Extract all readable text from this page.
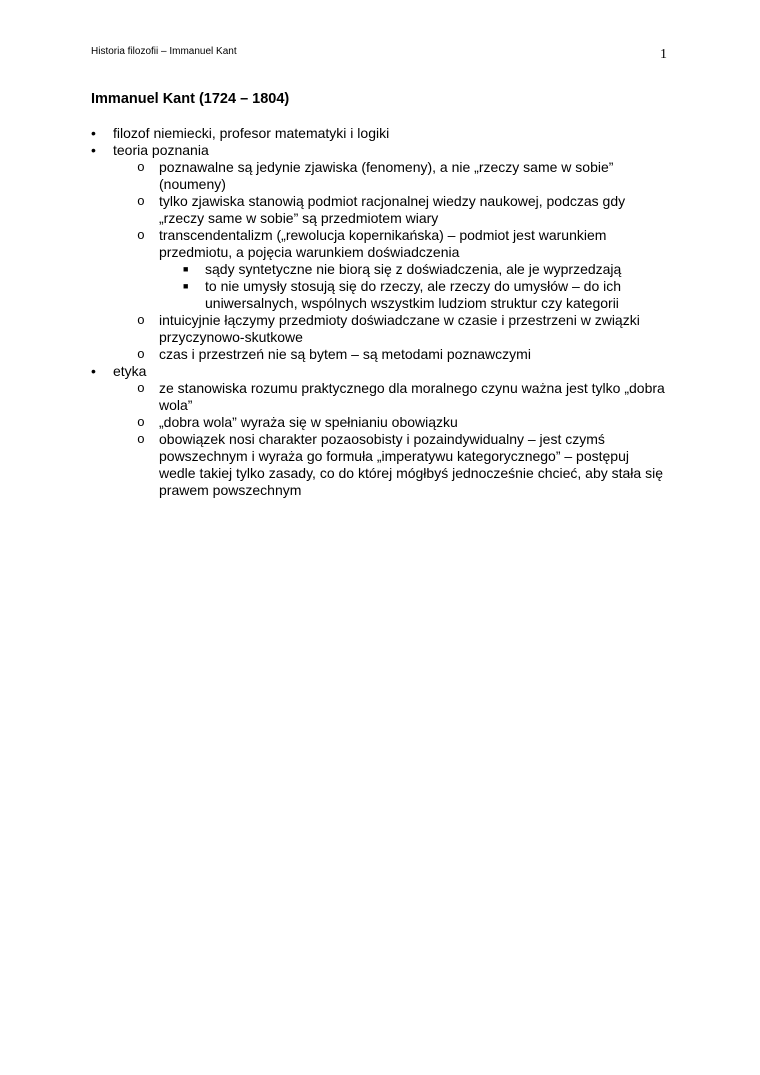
Historia filozofii – Immanuel Kant	1
Immanuel Kant (1724 – 1804)
• filozof niemiecki, profesor matematyki i logiki
• teoria poznania
o poznawalne są jedynie zjawiska (fenomeny), a nie „rzeczy same w sobie”
(noumeny)
o tylko zjawiska stanowią podmiot racjonalnej wiedzy naukowej, podczas gdy
„rzeczy same w sobie” są przedmiotem wiary
o transcendentalizm („rewolucja kopernikańska) – podmiot jest warunkiem
przedmiotu, a pojęcia warunkiem doświadczenia
■ sądy syntetyczne nie biorą się z doświadczenia, ale je wyprzedzają
■ to nie umysły stosują się do rzeczy, ale rzeczy do umysłów – do ich
uniwersalnych, wspólnych wszystkim ludziom struktur czy kategorii
o intuicyjnie łączymy przedmioty doświadczane w czasie i przestrzeni w związki
przyczynowo-skutkowe
o czas i przestrzeń nie są bytem – są metodami poznawczymi
• etyka
o ze stanowiska rozumu praktycznego dla moralnego czynu ważna jest tylko „dobra
wola”
o „dobra wola” wyraża się w spełnianiu obowiązku
o obowiązek nosi charakter pozaosobisty i pozaindywidualny – jest czymś
powszechnym i wyraża go formuła „imperatywu kategorycznego” – postępuj
wedle takiej tylko zasady, co do której mógłbyś jednocześnie chcieć, aby stała się
prawem powszechnym
